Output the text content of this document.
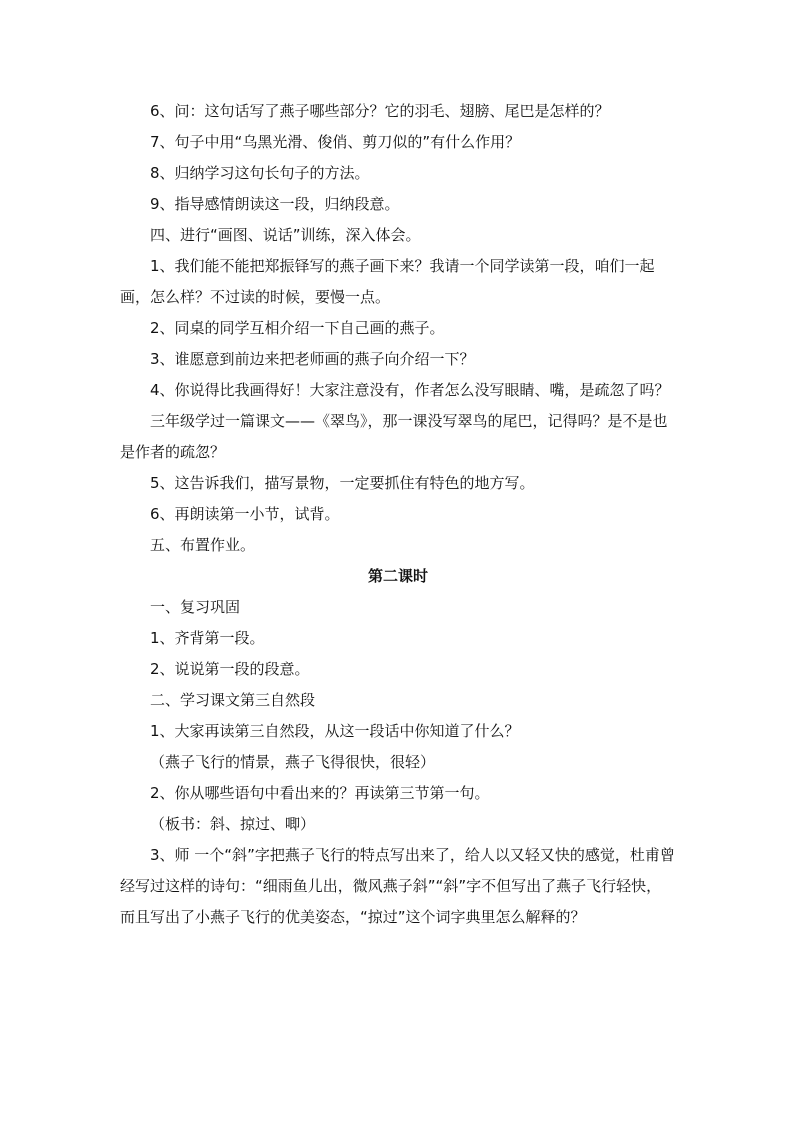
6、问：这句话写了燕子哪些部分？它的羽毛、翅膀、尾巴是怎样的？

7、句子中用“乌黑光滑、俊俏、剪刀似的”有什么作用？

8、归纳学习这句长句子的方法。

9、指导感情朗读这一段，归纳段意。

四、进行“画图、说话”训练，深入体会。

1、我们能不能把郑振铎写的燕子画下来？我请一个同学读第一段，咱们一起画，怎么样？不过读的时候，要慢一点。

2、同桌的同学互相介绍一下自己画的燕子。

3、谁愿意到前边来把老师画的燕子向介绍一下？

4、你说得比我画得好！大家注意没有，作者怎么没写眼睛、嘴，是疏忽了吗？

三年级学过一篇课文——《翠鸟》，那一课没写翠鸟的尾巴，记得吗？是不是也是作者的疏忽？

5、这告诉我们，描写景物，一定要抓住有特色的地方写。

6、再朗读第一小节，试背。

五、布置作业。

第二课时

一、复习巩固

1、齐背第一段。

2、说说第一段的段意。

二、学习课文第三自然段

1、大家再读第三自然段，从这一段话中你知道了什么？

（燕子飞行的情景，燕子飞得很快，很轻）

2、你从哪些语句中看出来的？再读第三节第一句。

（板书：斜、掠过、唧）

3、师 一个“斜”字把燕子飞行的特点写出来了，给人以又轻又快的感觉，杜甫曾经写过这样的诗句：“细雨鱼儿出，微风燕子斜”“斜”字不但写出了燕子飞行轻快，而且写出了小燕子飞行的优美姿态，“掠过”这个词字典里怎么解释的？
